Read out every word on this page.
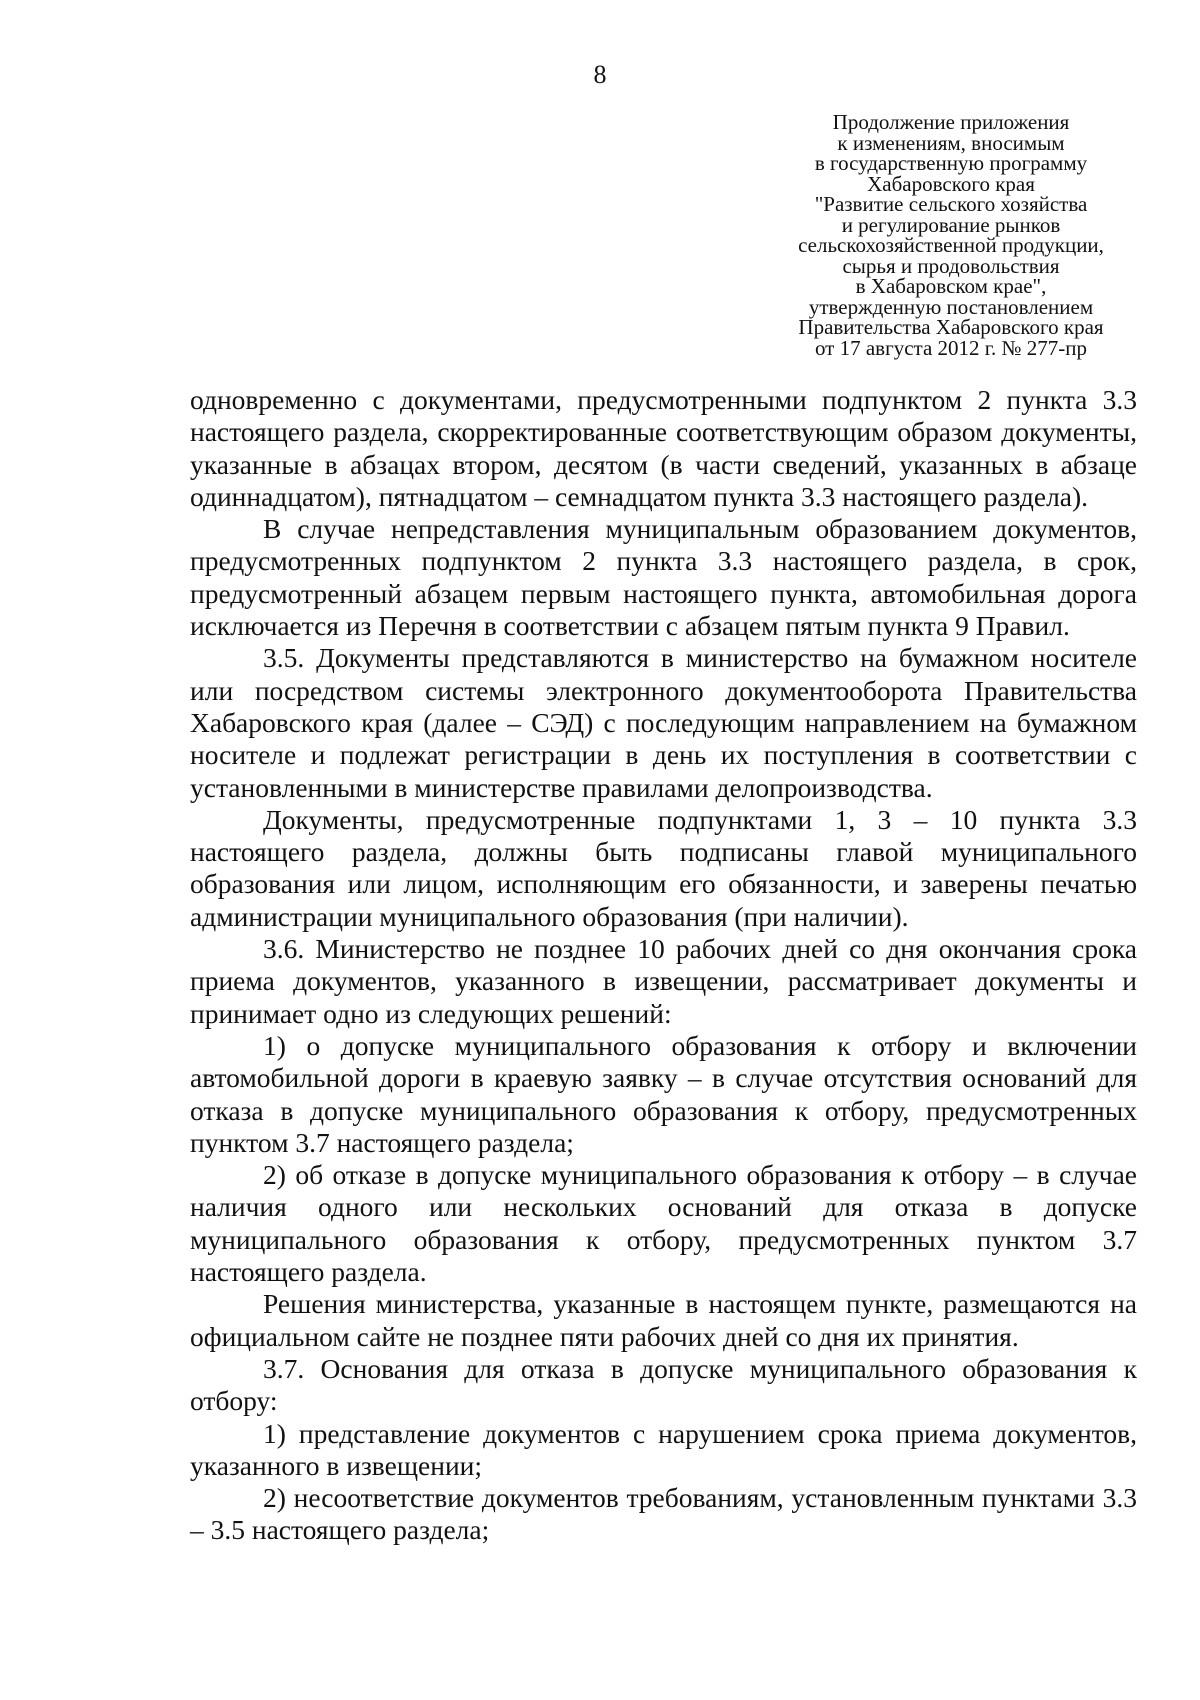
8
Продолжение приложения
к изменениям, вносимым
в государственную программу
Хабаровского края
"Развитие сельского хозяйства
и регулирование рынков
сельскохозяйственной продукции,
сырья и продовольствия
в Хабаровском крае",
утвержденную постановлением
Правительства Хабаровского края
от 17 августа 2012 г. № 277-пр

одновременно с документами, предусмотренными подпунктом 2 пункта 3.3 настоящего раздела, скорректированные соответствующим образом документы, указанные в абзацах втором, десятом (в части сведений, указанных в абзаце одиннадцатом), пятнадцатом – семнадцатом пункта 3.3 настоящего раздела).

В случае непредставления муниципальным образованием документов, предусмотренных подпунктом 2 пункта 3.3 настоящего раздела, в срок, предусмотренный абзацем первым настоящего пункта, автомобильная дорога исключается из Перечня в соответствии с абзацем пятым пункта 9 Правил.

3.5. Документы представляются в министерство на бумажном носителе или посредством системы электронного документооборота Правительства Хабаровского края (далее – СЭД) с последующим направлением на бумажном носителе и подлежат регистрации в день их поступления в соответствии с установленными в министерстве правилами делопроизводства.

Документы, предусмотренные подпунктами 1, 3 – 10 пункта 3.3 настоящего раздела, должны быть подписаны главой муниципального образования или лицом, исполняющим его обязанности, и заверены печатью администрации муниципального образования (при наличии).

3.6. Министерство не позднее 10 рабочих дней со дня окончания срока приема документов, указанного в извещении, рассматривает документы и принимает одно из следующих решений:

1) о допуске муниципального образования к отбору и включении автомобильной дороги в краевую заявку – в случае отсутствия оснований для отказа в допуске муниципального образования к отбору, предусмотренных пунктом 3.7 настоящего раздела;

2) об отказе в допуске муниципального образования к отбору – в случае наличия одного или нескольких оснований для отказа в допуске муниципального образования к отбору, предусмотренных пунктом 3.7 настоящего раздела.

Решения министерства, указанные в настоящем пункте, размещаются на официальном сайте не позднее пяти рабочих дней со дня их принятия.

3.7. Основания для отказа в допуске муниципального образования к отбору:

1) представление документов с нарушением срока приема документов, указанного в извещении;

2) несоответствие документов требованиям, установленным пунктами 3.3 – 3.5 настоящего раздела;
